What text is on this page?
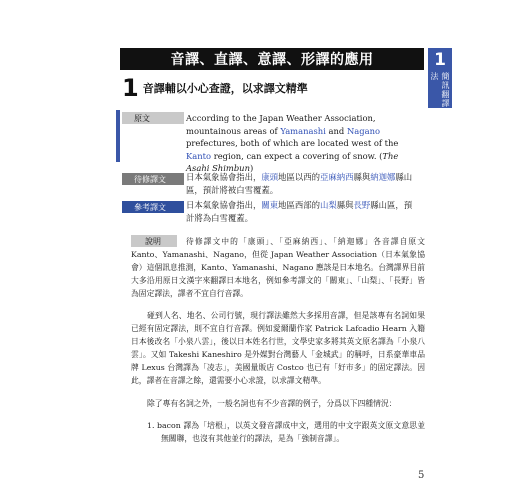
音譯、直譯、意譯、形譯的應用	1
簡訊翻譯法
1 音譯輔以小心查證，以求譯文精準
原文	According to the Japan Weather Association, mountainous areas of Yamanashi and Nagano prefectures, both of which are located west of the Kanto region, can expect a covering of snow. (The Asahi Shimbun)
待修譯文	日本氣象協會指出，康頭地區以西的亞麻納西縣與納迦娜縣山區，預計將被白雪覆蓋。
參考譯文	日本氣象協會指出，關東地區西部的山梨縣與長野縣山區，預計將為白雪覆蓋。
說明	待修譯文中的「康頭」、「亞麻納西」、「納迦娜」各音譯自原文 Kanto、Yamanashi、Nagano，但從 Japan Weather Association（日本氣象協會）這個訊息推測，Kanto、Yamanashi、Nagano 應該是日本地名。台灣譯界目前大多沿用原日文漢字來翻譯日本地名，例如參考譯文的「關東」、「山梨」、「長野」皆為固定譯法，譯者不宜自行音譯。
碰到人名、地名、公司行號，現行譯法雖然大多採用音譯，但是該專有名詞如果已經有固定譯法，則不宜自行音譯。例如愛爾蘭作家 Patrick Lafcadio Hearn 入籍日本後改名「小泉八雲」，後以日本姓名行世，文學史家多將其英文原名譯為「小泉八雲」。又如 Takeshi Kaneshiro 是外媒對台灣藝人「金城武」的稱呼，日系豪華車品牌 Lexus 台灣譯為「凌志」，美國量販店 Costco 也已有「好市多」的固定譯法。因此，譯者在音譯之餘，還需要小心求證，以求譯文精準。
除了專有名詞之外，一般名詞也有不少音譯的例子，分爲以下四種情況：
1. bacon 譯為「培根」，以英文發音譯成中文，選用的中文字跟英文原文意思並無關聯，也沒有其他並行的譯法，是為「強制音譯」。
5
